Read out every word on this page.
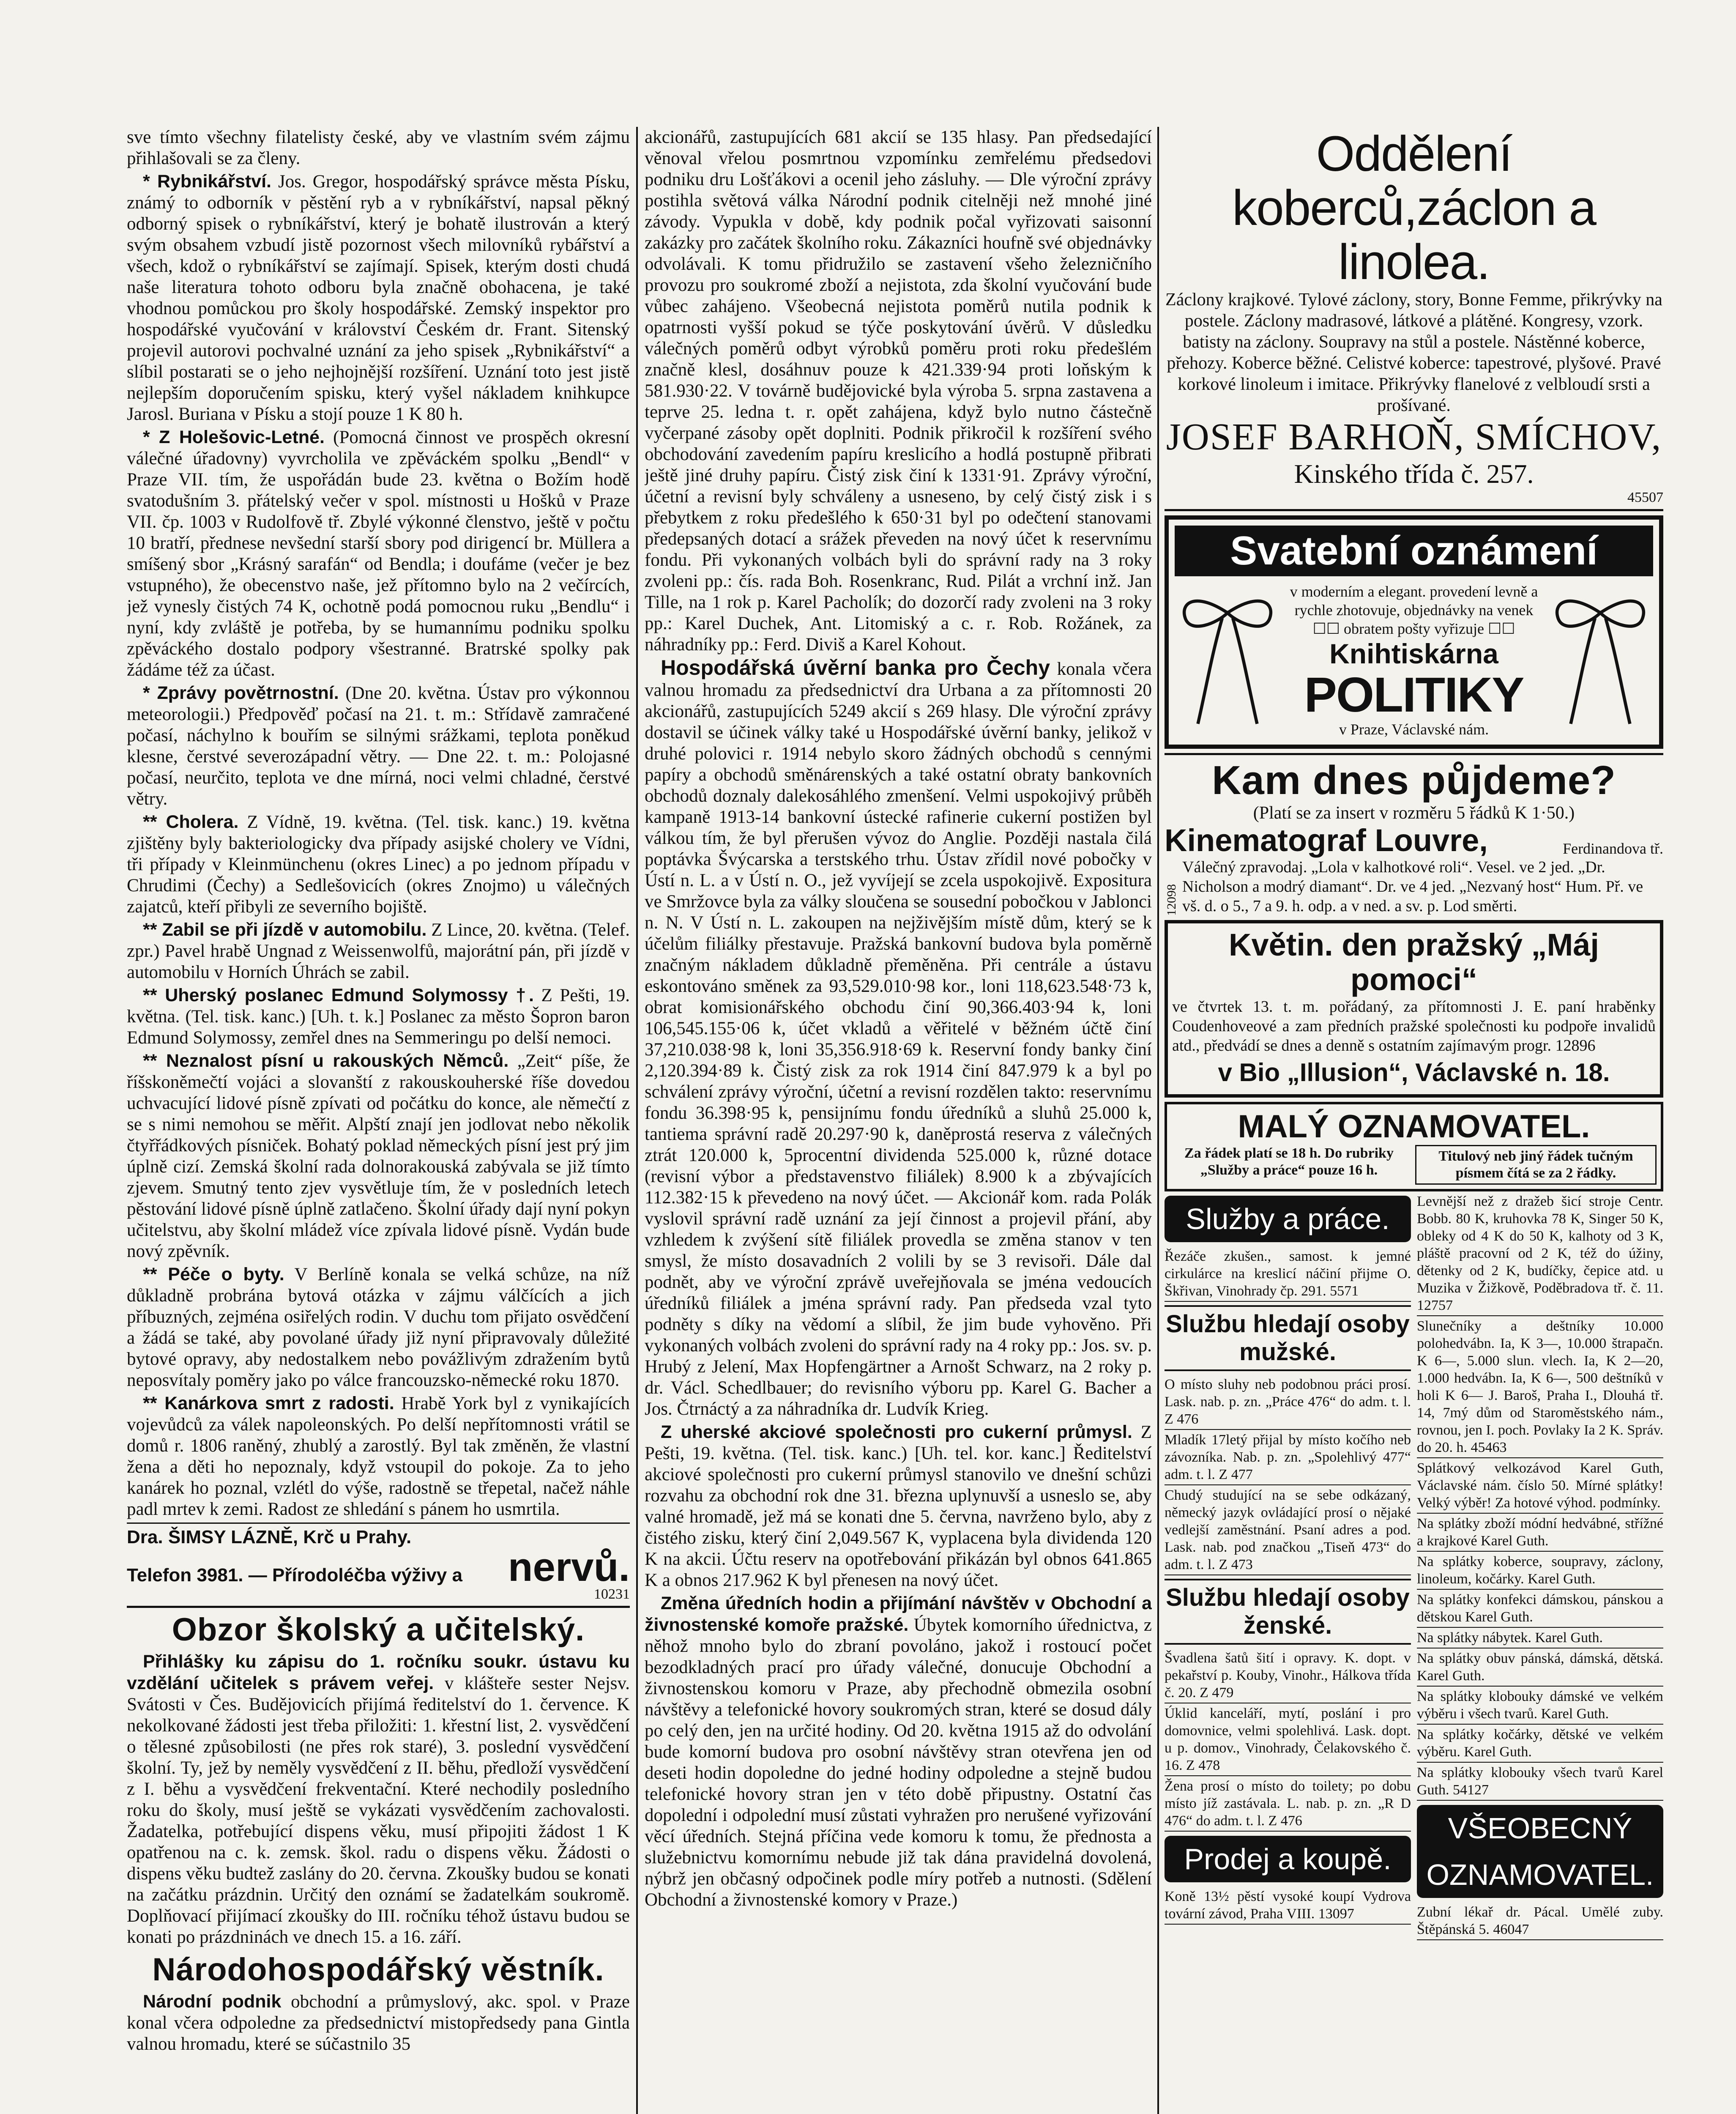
sve tímto všechny filatelisty české, aby ve vlastním svém zájmu přihlašovali se za členy.

* Rybnikářství. Jos. Gregor, hospodářský správce města Písku, známý to odborník v pěstění ryb a v rybníkářství, napsal pěkný odborný spisek o rybníkářství, který je bohatě ilustrován a který svým obsahem vzbudí jistě pozornost všech milovníků rybářství a všech, kdož o rybníkářství se zajímají. Spisek, kterým dosti chudá naše literatura tohoto odboru byla značně obohacena, je také vhodnou pomůckou pro školy hospodářské. Zemský inspektor pro hospodářské vyučování v království Českém dr. Frant. Sitenský projevil autorovi pochvalné uznání za jeho spisek „Rybnikářství“ a slíbil postarati se o jeho nejhojnější rozšíření. Uznání toto jest jistě nejlepším doporučením spisku, který vyšel nákladem knihkupce Jarosl. Buriana v Písku a stojí pouze 1 K 80 h.

* Z Holešovic-Letné. (Pomocná činnost ve prospěch okresní válečné úřadovny) vyvrcholila ve zpěváckém spolku „Bendl“ v Praze VII. tím, že uspořádán bude 23. května o Božím hodě svatodušním 3. přátelský večer v spol. místnosti u Hošků v Praze VII. čp. 1003 v Rudolfově tř. Zbylé výkonné členstvo, ještě v počtu 10 bratří, přednese nevšední starší sbory pod dirigencí br. Müllera a smíšený sbor „Krásný sarafán“ od Bendla; i doufáme (večer je bez vstupného), že obecenstvo naše, jež přítomno bylo na 2 večírcích, jež vynesly čistých 74 K, ochotně podá pomocnou ruku „Bendlu“ i nyní, kdy zvláště je potřeba, by se humannímu podniku spolku zpěváckého dostalo podpory všestranné. Bratrské spolky pak žádáme též za účast.

* Zprávy povětrnostní. (Dne 20. května. Ústav pro výkonnou meteorologii.) Předpověď počasí na 21. t. m.: Střídavě zamračené počasí, náchylno k bouřím se silnými srážkami, teplota poněkud klesne, čerstvé severozápadní větry. — Dne 22. t. m.: Polojasné počasí, neurčito, teplota ve dne mírná, noci velmi chladné, čerstvé větry.

** Cholera. Z Vídně, 19. května. (Tel. tisk. kanc.) 19. května zjištěny byly bakteriologicky dva případy asijské cholery ve Vídni, tři případy v Kleinmünchenu (okres Linec) a po jednom případu v Chrudimi (Čechy) a Sedlešovicích (okres Znojmo) u válečných zajatců, kteří přibyli ze severního bojiště.

** Zabil se při jízdě v automobilu. Z Lince, 20. května. (Telef. zpr.) Pavel hrabě Ungnad z Weissenwolfů, majorátní pán, při jízdě v automobilu v Horních Úhrách se zabil.

** Uherský poslanec Edmund Solymossy †. Z Pešti, 19. května. (Tel. tisk. kanc.) [Uh. t. k.] Poslanec za město Šopron baron Edmund Solymossy, zemřel dnes na Semmeringu po delší nemoci.

** Neznalost písní u rakouských Němců. „Zeit“ píše, že říšskoněmečtí vojáci a slovanští z rakouskouherské říše dovedou uchvacující lidové písně zpívati od počátku do konce, ale němečtí z se s nimi nemohou se měřit. Alpští znají jen jodlovat nebo několik čtyřřádkových písniček. Bohatý poklad německých písní jest prý jim úplně cizí. Zemská školní rada dolnorakouská zabývala se již tímto zjevem. Smutný tento zjev vysvětluje tím, že v posledních letech pěstování lidové písně úplně zatlačeno. Školní úřady dají nyní pokyn učitelstvu, aby školní mládež více zpívala lidové písně. Vydán bude nový zpěvník.

** Péče o byty. V Berlíně konala se velká schůze, na níž důkladně probrána bytová otázka v zájmu válčících a jich příbuzných, zejména osiřelých rodin. V duchu tom přijato osvědčení a žádá se také, aby povolané úřady již nyní připravovaly důležité bytové opravy, aby nedostalkem nebo povážlivým zdražením bytů neposvítaly poměry jako po válce francouzsko-německé roku 1870.

** Kanárkova smrt z radosti. Hrabě York byl z vynikajících vojevůdců za válek napoleonských. Po delší nepřítomnosti vrátil se domů r. 1806 raněný, zhublý a zarostlý. Byl tak změněn, že vlastní žena a děti ho nepoznaly, když vstoupil do pokoje. Za to jeho kanárek ho poznal, vzlétl do výše, radostně se třepetal, načež náhle padl mrtev k zemi. Radost ze shledání s pánem ho usmrtila.

Dra. ŠIMSY LÁZNĚ, Krč u Prahy.
Telefon 3981. — Přírodoléčba výživy a nervů.
10231
Obzor školský a učitelský.

Přihlášky ku zápisu do 1. ročníku soukr. ústavu ku vzdělání učitelek s právem veřej. v klášteře sester Nejsv. Svátosti v Čes. Budějovicích přijímá ředitelství do 1. července. K nekolkované žádosti jest třeba přiložiti: 1. křestní list, 2. vysvědčení o tělesné způsobilosti (ne přes rok staré), 3. poslední vysvědčení školní. Ty, jež by neměly vysvědčení z II. běhu, předloží vysvědčení z I. běhu a vysvědčení frekventační. Které nechodily posledního roku do školy, musí ještě se vykázati vysvědčením zachovalosti. Žadatelka, potřebující dispens věku, musí připojiti žádost 1 K opatřenou na c. k. zemsk. škol. radu o dispens věku. Žádosti o dispens věku budtež zaslány do 20. června. Zkoušky budou se konati na začátku prázdnin. Určitý den oznámí se žadatelkám soukromě. Doplňovací přijímací zkoušky do III. ročníku téhož ústavu budou se konati po prázdninách ve dnech 15. a 16. září.

Národohospodářský věstník.

Národní podnik obchodní a průmyslový, akc. spol. v Praze konal včera odpoledne za předsednictví mistopředsedy pana Gintla valnou hromadu, které se súčastnilo 35

akcionářů, zastupujících 681 akcií se 135 hlasy. Pan předsedající věnoval vřelou posmrtnou vzpomínku zemřelému předsedovi podniku dru Lošťákovi a ocenil jeho zásluhy. — Dle výroční zprávy postihla světová válka Národní podnik citelněji než mnohé jiné závody. Vypukla v době, kdy podnik počal vyřizovati saisonní zakázky pro začátek školního roku. Zákazníci houfně své objednávky odvolávali. K tomu přidružilo se zastavení všeho železničního provozu pro soukromé zboží a nejistota, zda školní vyučování bude vůbec zahájeno. Všeobecná nejistota poměrů nutila podnik k opatrnosti vyšší pokud se týče poskytování úvěrů. V důsledku válečných poměrů odbyt výrobků poměru proti roku předešlém značně klesl, dosáhnuv pouze k 421.339·94 proti loňským k 581.930·22. V továrně budějovické byla výroba 5. srpna zastavena a teprve 25. ledna t. r. opět zahájena, když bylo nutno částečně vyčerpané zásoby opět doplniti. Podnik přikročil k rozšíření svého obchodování zavedením papíru kreslicího a hodlá postupně přibrati ještě jiné druhy papíru. Čistý zisk činí k 1331·91. Zprávy výroční, účetní a revisní byly schváleny a usneseno, by celý čistý zisk i s přebytkem z roku předešlého k 650·31 byl po odečtení stanovami předepsaných dotací a srážek převeden na nový účet k reservnímu fondu. Při vykonaných volbách byli do správní rady na 3 roky zvoleni pp.: čís. rada Boh. Rosenkranc, Rud. Pilát a vrchní inž. Jan Tille, na 1 rok p. Karel Pacholík; do dozorčí rady zvoleni na 3 roky pp.: Karel Duchek, Ant. Litomiský a c. r. Rob. Rožánek, za náhradníky pp.: Ferd. Diviš a Karel Kohout.

Hospodářská úvěrní banka pro Čechy konala včera valnou hromadu za předsednictví dra Urbana a za přítomnosti 20 akcionářů, zastupujících 5249 akcií s 269 hlasy. Dle výroční zprávy dostavil se účinek války také u Hospodářské úvěrní banky, jelikož v druhé polovici r. 1914 nebylo skoro žádných obchodů s cennými papíry a obchodů směnárenských a také ostatní obraty bankovních obchodů doznaly dalekosáhlého zmenšení. Velmi uspokojivý průběh kampaně 1913-14 bankovní ústecké rafinerie cukerní postižen byl válkou tím, že byl přerušen vývoz do Anglie. Později nastala čilá poptávka Švýcarska a terstského trhu. Ústav zřídil nové pobočky v Ústí n. L. a v Ústí n. O., jež vyvíjejí se zcela uspokojivě. Expositura ve Smržovce byla za války sloučena se sousední pobočkou v Jablonci n. N. V Ústí n. L. zakoupen na nejživějším místě dům, který se k účelům filiálky přestavuje. Pražská bankovní budova byla poměrně značným nákladem důkladně přeměněna. Při centrále a ústavu eskontováno směnek za 93,529.010·98 kor., loni 118,623.548·73 k, obrat komisionářského obchodu činí 90,366.403·94 k, loni 106,545.155·06 k, účet vkladů a věřitelé v běžném účtě činí 37,210.038·98 k, loni 35,356.918·69 k. Reservní fondy banky činí 2,120.394·89 k. Čistý zisk za rok 1914 činí 847.979 k a byl po schválení zprávy výroční, účetní a revisní rozdělen takto: reservnímu fondu 36.398·95 k, pensijnímu fondu úředníků a sluhů 25.000 k, tantiema správní radě 20.297·90 k, daněprostá reserva z válečných ztrát 120.000 k, 5procentní dividenda 525.000 k, různé dotace (revisní výbor a představenstvo filiálek) 8.900 k a zbývajících 112.382·15 k převedeno na nový účet. — Akcionář kom. rada Polák vyslovil správní radě uznání za její činnost a projevil přání, aby vzhledem k zvýšení sítě filiálek provedla se změna stanov v ten smysl, že místo dosavadních 2 volili by se 3 revisoři. Dále dal podnět, aby ve výroční zprávě uveřejňovala se jména vedoucích úředníků filiálek a jména správní rady. Pan předseda vzal tyto podněty s díky na vědomí a slíbil, že jim bude vyhověno. Při vykonaných volbách zvoleni do správní rady na 4 roky pp.: Jos. sv. p. Hrubý z Jelení, Max Hopfengärtner a Arnošt Schwarz, na 2 roky p. dr. Václ. Schedlbauer; do revisního výboru pp. Karel G. Bacher a Jos. Čtrnáctý a za náhradníka dr. Ludvík Krieg.

Z uherské akciové společnosti pro cukerní průmysl. Z Pešti, 19. května. (Tel. tisk. kanc.) [Uh. tel. kor. kanc.] Ředitelství akciové společnosti pro cukerní průmysl stanovilo ve dnešní schůzi rozvahu za obchodní rok dne 31. března uplynuvší a usneslo se, aby valné hromadě, jež má se konati dne 5. června, navrženo bylo, aby z čistého zisku, který činí 2,049.567 K, vyplacena byla dividenda 120 K na akcii. Účtu reserv na opotřebování přikázán byl obnos 641.865 K a obnos 217.962 K byl přenesen na nový účet.

Změna úředních hodin a přijímání návštěv v Obchodní a živnostenské komoře pražské. Úbytek komorního úřednictva, z něhož mnoho bylo do zbraní povoláno, jakož i rostoucí počet bezodkladných prací pro úřady válečné, donucuje Obchodní a živnostenskou komoru v Praze, aby přechodně obmezila osobní návštěvy a telefonické hovory soukromých stran, které se dosud dály po celý den, jen na určité hodiny. Od 20. května 1915 až do odvolání bude komorní budova pro osobní návštěvy stran otevřena jen od deseti hodin dopoledne do jedné hodiny odpoledne a stejně budou telefonické hovory stran jen v této době připustny. Ostatní čas dopolední i odpolední musí zůstati vyhražen pro nerušené vyřizování věcí úředních. Stejná příčina vede komoru k tomu, že přednosta a služebnictvu komornímu nebude již tak dána pravidelná dovolená, nýbrž jen občasný odpočinek podle míry potřeb a nutnosti. (Sdělení Obchodní a živnostenské komory v Praze.)

Oddělení koberců,záclon a linolea.
Záclony krajkové. Tylové záclony, story, Bonne Femme, přikrývky na postele. Záclony madrasové, látkové a plátěné. Kongresy, vzork. batisty na záclony. Soupravy na stůl a postele. Nástěnné koberce, přehozy. Koberce běžné. Celistvé koberce: tapestrové, plyšové. Pravé korkové linoleum i imitace. Přikrývky flanelové z velbloudí srsti a prošívané.
JOSEF BARHOŇ, SMÍCHOV,
Kinského třída č. 257.
45507
Svatební oznámení
v moderním a elegant. provedení levně a rychle zhotovuje, objednávky na venek ☐☐ obratem pošty vyřizuje ☐☐
Knihtiskárna
POLITIKY
v Praze, Václavské nám.
Kam dnes půjdeme?
(Platí se za insert v rozměru 5 řádků K 1·50.)
Kinematograf Louvre,	Ferdinandova tř.
12098
Válečný zpravodaj. „Lola v kalhotkové roli“. Vesel. ve 2 jed. „Dr. Nicholson a modrý diamant“. Dr. ve 4 jed. „Nezvaný host“ Hum. Př. ve vš. d. o 5., 7 a 9. h. odp. a v ned. a sv. p. Lod směrti.
Květin. den pražský „Máj pomoci“
ve čtvrtek 13. t. m. pořádaný, za přítomnosti J. E. paní hraběnky Coudenhoveové a zam předních pražské společnosti ku podpoře invalidů atd., předvádí se dnes a denně s ostatním zajímavým progr. 12896
v Bio „Illusion“, Václavské n. 18.
MALÝ OZNAMOVATEL.
Za řádek platí se 18 h. Do rubriky „Služby a práce“ pouze 16 h.
Titulový neb jiný řádek tučným písmem čítá se za 2 řádky.
Služby a práce.
Řezáče zkušen., samost. k jemné cirkulárce na kreslicí náčiní přijme O. Škřivan, Vinohrady čp. 291. 5571
Službu hledají osoby mužské.
O místo sluhy neb podobnou práci prosí. Lask. nab. p. zn. „Práce 476“ do adm. t. l. Z 476
Mladík 17letý přijal by místo kočího neb závozníka. Nab. p. zn. „Spolehlivý 477“ adm. t. l. Z 477
Chudý studující na se sebe odkázaný, německý jazyk ovládající prosí o nějaké vedlejší zaměstnání. Psaní adres a pod. Lask. nab. pod značkou „Tiseň 473“ do adm. t. l. Z 473
Službu hledají osoby ženské.
Švadlena šatů šití i opravy. K. dopt. v pekařství p. Kouby, Vinohr., Hálkova třída č. 20. Z 479
Úklid kanceláří, mytí, poslání i pro domovnice, velmi spolehlivá. Lask. dopt. u p. domov., Vinohrady, Čelakovského č. 16. Z 478
Žena prosí o místo do toilety; po dobu místo jíž zastávala. L. nab. p. zn. „R D 476“ do adm. t. l. Z 476
Prodej a koupě.
Koně 13½ pěstí vysoké koupí Vydrova tovární závod, Praha VIII. 13097
Levnější než z dražeb šicí stroje Centr. Bobb. 80 K, kruhovka 78 K, Singer 50 K, obleky od 4 K do 50 K, kalhoty od 3 K, pláště pracovní od 2 K, též do úžiny, dětenky od 2 K, budíčky, čepice atd. u Muzika v Žižkově, Poděbradova tř. č. 11. 12757
Slunečníky a deštníky 10.000 polohedvábn. Ia, K 3—, 10.000 štrapačn. K 6—, 5.000 slun. vlech. Ia, K 2—20, 1.000 hedvábn. Ia, K 6—, 500 deštníků v holi K 6— J. Baroš, Praha I., Dlouhá tř. 14, 7mý dům od Staroměstského nám., rovnou, jen I. poch. Povlaky Ia 2 K. Správ. do 20. h. 45463
Splátkový velkozávod Karel Guth, Václavské nám. číslo 50. Mírné splátky! Velký výběr! Za hotové výhod. podmínky.
Na splátky zboží módní hedvábné, střížné a krajkové Karel Guth.
Na splátky koberce, soupravy, záclony, linoleum, kočárky. Karel Guth.
Na splátky konfekci dámskou, pánskou a dětskou Karel Guth.
Na splátky nábytek. Karel Guth.
Na splátky obuv pánská, dámská, dětská. Karel Guth.
Na splátky klobouky dámské ve velkém výběru i všech tvarů. Karel Guth.
Na splátky kočárky, dětské ve velkém výběru. Karel Guth.
Na splátky klobouky všech tvarů Karel Guth. 54127
VŠEOBECNÝ OZNAMOVATEL.
Zubní lékař dr. Pácal. Umělé zuby. Štěpánská 5. 46047
